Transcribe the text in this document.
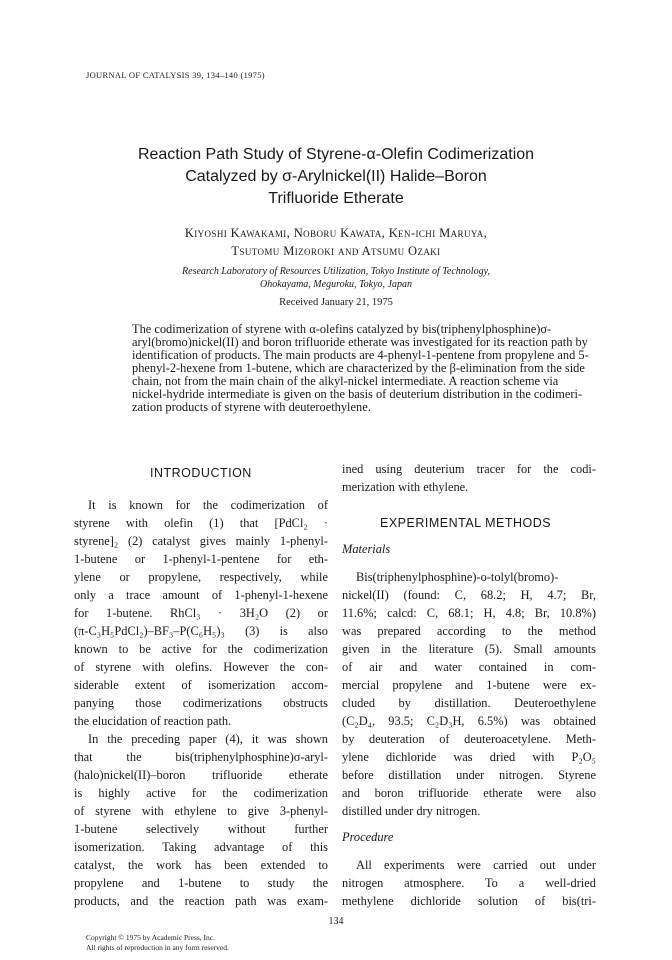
JOURNAL OF CATALYSIS 39, 134–140 (1975)
Reaction Path Study of Styrene-α-Olefin Codimerization
Catalyzed by σ-Arylnickel(II) Halide–Boron
Trifluoride Etherate
Kiyoshi Kawakami, Noboru Kawata, Ken-ichi Maruya,
Tsutomu Mizoroki and Atsumu Ozaki
Research Laboratory of Resources Utilization, Tokyo Institute of Technology,
Ohokayama, Meguroku, Tokyo, Japan
Received January 21, 1975
The codimerization of styrene with α-olefins catalyzed by bis(triphenylphosphine)σ-
aryl(bromo)nickel(II) and boron trifluoride etherate was investigated for its reaction path by
identification of products. The main products are 4-phenyl-1-pentene from propylene and 5-
phenyl-2-hexene from 1-butene, which are characterized by the β-elimination from the side
chain, not from the main chain of the alkyl-nickel intermediate. A reaction scheme via
nickel-hydride intermediate is given on the basis of deuterium distribution in the codimeri-
zation products of styrene with deuteroethylene.
INTRODUCTION
It is known for the codimerization of
styrene with olefin (1) that [PdCl₂ ·
styrene]₂ (2) catalyst gives mainly 1-phenyl-
1-butene or 1-phenyl-1-pentene for eth-
ylene or propylene, respectively, while
only a trace amount of 1-phenyl-1-hexene
for 1-butene. RhCl₃ · 3H₂O (2) or
(π-C₃H₅PdCl₂)–BF₃–P(C₆H₅)₃ (3) is also
known to be active for the codimerization
of styrene with olefins. However the con-
siderable extent of isomerization accom-
panying those codimerizations obstructs
the elucidation of reaction path.
In the preceding paper (4), it was shown
that the bis(triphenylphosphine)σ-aryl-
(halo)nickel(II)–boron trifluoride etherate
is highly active for the codimerization
of styrene with ethylene to give 3-phenyl-
1-butene selectively without further
isomerization. Taking advantage of this
catalyst, the work has been extended to
propylene and 1-butene to study the
products, and the reaction path was exam-
ined using deuterium tracer for the codi-
merization with ethylene.
EXPERIMENTAL METHODS
Materials
Bis(triphenylphosphine)-o-tolyl(bromo)-
nickel(II) (found: C, 68.2; H, 4.7; Br,
11.6%; calcd: C, 68.1; H, 4.8; Br, 10.8%)
was prepared according to the method
given in the literature (5). Small amounts
of air and water contained in com-
mercial propylene and 1-butene were ex-
cluded by distillation. Deuteroethylene
(C₂D₄, 93.5; C₂D₃H, 6.5%) was obtained
by deuteration of deuteroacetylene. Meth-
ylene dichloride was dried with P₂O₅
before distillation under nitrogen. Styrene
and boron trifluoride etherate were also
distilled under dry nitrogen.
Procedure
All experiments were carried out under
nitrogen atmosphere. To a well-dried
methylene dichloride solution of bis(tri-
134
Copyright © 1975 by Academic Press, Inc.
All rights of reproduction in any form reserved.
